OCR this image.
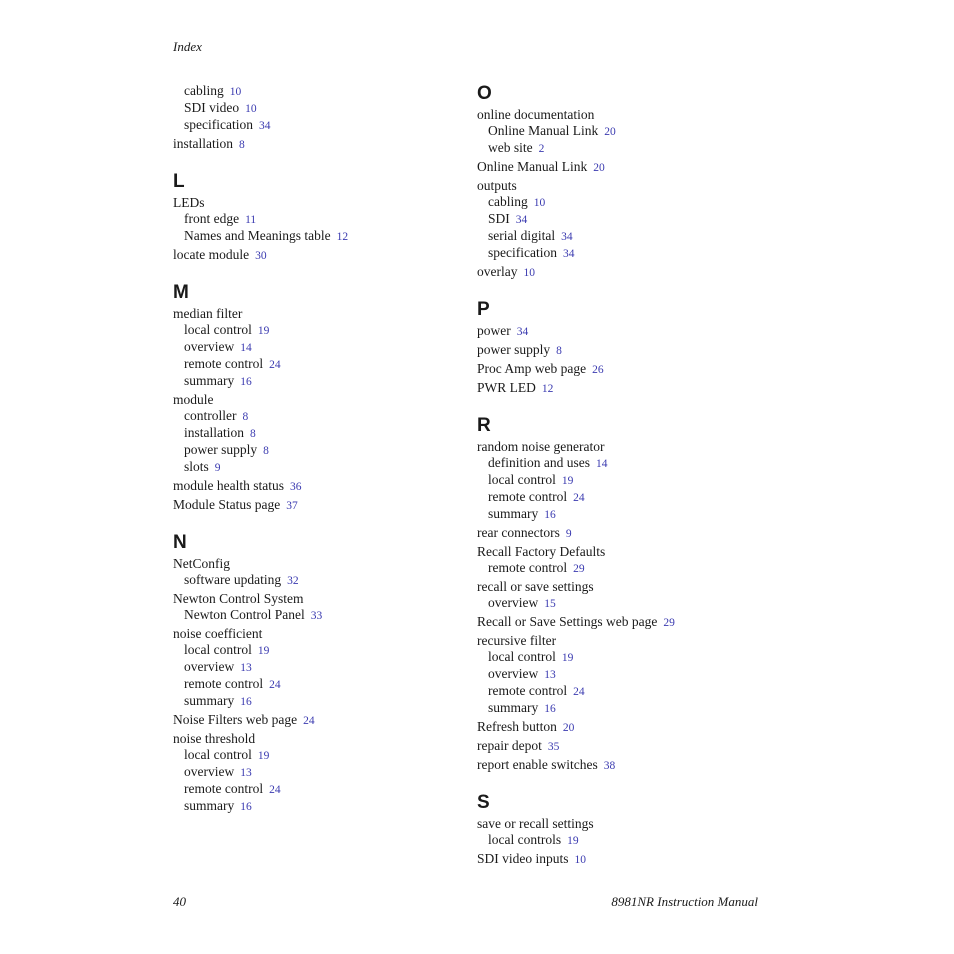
Index
cabling 10
SDI video 10
specification 34
installation 8
L
LEDs
front edge 11
Names and Meanings table 12
locate module 30
M
median filter
local control 19
overview 14
remote control 24
summary 16
module
controller 8
installation 8
power supply 8
slots 9
module health status 36
Module Status page 37
N
NetConfig
software updating 32
Newton Control System
Newton Control Panel 33
noise coefficient
local control 19
overview 13
remote control 24
summary 16
Noise Filters web page 24
noise threshold
local control 19
overview 13
remote control 24
summary 16
O
online documentation
Online Manual Link 20
web site 2
Online Manual Link 20
outputs
cabling 10
SDI 34
serial digital 34
specification 34
overlay 10
P
power 34
power supply 8
Proc Amp web page 26
PWR LED 12
R
random noise generator
definition and uses 14
local control 19
remote control 24
summary 16
rear connectors 9
Recall Factory Defaults
remote control 29
recall or save settings
overview 15
Recall or Save Settings web page 29
recursive filter
local control 19
overview 13
remote control 24
summary 16
Refresh button 20
repair depot 35
report enable switches 38
S
save or recall settings
local controls 19
SDI video inputs 10
40	8981NR Instruction Manual
